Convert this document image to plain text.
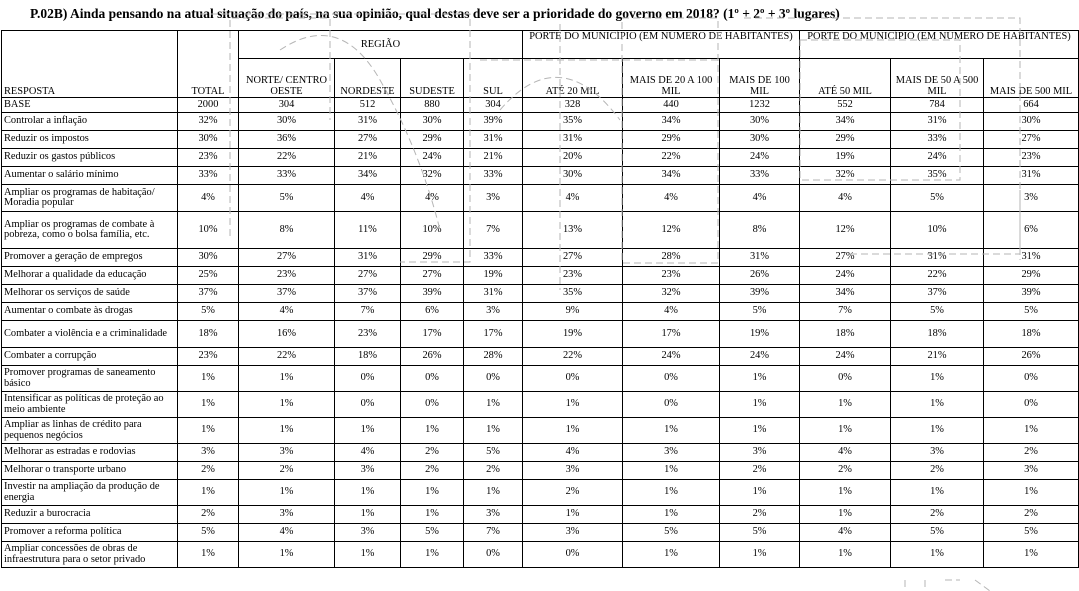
P.02B) Ainda pensando na atual situação do país, na sua opinião, qual destas deve ser a prioridade do governo em 2018? (1º + 2º + 3º lugares)
RESPOSTA	TOTAL	REGIÃO				PORTE DO MUNICÍPIO (EM NÚMERO DE HABITANTES)			PORTE DO MUNICÍPIO (EM NÚMERO DE HABITANTES)		
		NORTE/ CENTRO OESTE	NORDESTE	SUDESTE	SUL	ATÉ 20 MIL	MAIS DE 20 A 100 MIL	MAIS DE 100 MIL	ATÉ 50 MIL	MAIS DE 50 A 500 MIL	MAIS DE 500 MIL
BASE	2000	304	512	880	304	328	440	1232	552	784	664
Controlar a inflação	32%	30%	31%	30%	39%	35%	34%	30%	34%	31%	30%
Reduzir os impostos	30%	36%	27%	29%	31%	31%	29%	30%	29%	33%	27%
Reduzir os gastos públicos	23%	22%	21%	24%	21%	20%	22%	24%	19%	24%	23%
Aumentar o salário mínimo	33%	33%	34%	32%	33%	30%	34%	33%	32%	35%	31%
Ampliar os programas de habitação/ Moradia popular	4%	5%	4%	4%	3%	4%	4%	4%	4%	5%	3%
Ampliar os programas de combate à pobreza, como o bolsa família, etc.	10%	8%	11%	10%	7%	13%	12%	8%	12%	10%	6%
Promover a geração de empregos	30%	27%	31%	29%	33%	27%	28%	31%	27%	31%	31%
Melhorar a qualidade da educação	25%	23%	27%	27%	19%	23%	23%	26%	24%	22%	29%
Melhorar os serviços de saúde	37%	37%	37%	39%	31%	35%	32%	39%	34%	37%	39%
Aumentar o combate às drogas	5%	4%	7%	6%	3%	9%	4%	5%	7%	5%	5%
Combater a violência e a criminalidade	18%	16%	23%	17%	17%	19%	17%	19%	18%	18%	18%
Combater a corrupção	23%	22%	18%	26%	28%	22%	24%	24%	24%	21%	26%
Promover programas de saneamento básico	1%	1%	0%	0%	0%	0%	0%	1%	0%	1%	0%
Intensificar as políticas de proteção ao meio ambiente	1%	1%	0%	0%	1%	1%	0%	1%	1%	1%	0%
Ampliar as linhas de crédito para pequenos negócios	1%	1%	1%	1%	1%	1%	1%	1%	1%	1%	1%
Melhorar as estradas e rodovias	3%	3%	4%	2%	5%	4%	3%	3%	4%	3%	2%
Melhorar o transporte urbano	2%	2%	3%	2%	2%	3%	1%	2%	2%	2%	3%
Investir na ampliação da produção de energia	1%	1%	1%	1%	1%	2%	1%	1%	1%	1%	1%
Reduzir a burocracia	2%	3%	1%	1%	3%	1%	1%	2%	1%	2%	2%
Promover a reforma política	5%	4%	3%	5%	7%	3%	5%	5%	4%	5%	5%
Ampliar concessões de obras de infraestrutura para o setor privado	1%	1%	1%	1%	0%	0%	1%	1%	1%	1%	1%
